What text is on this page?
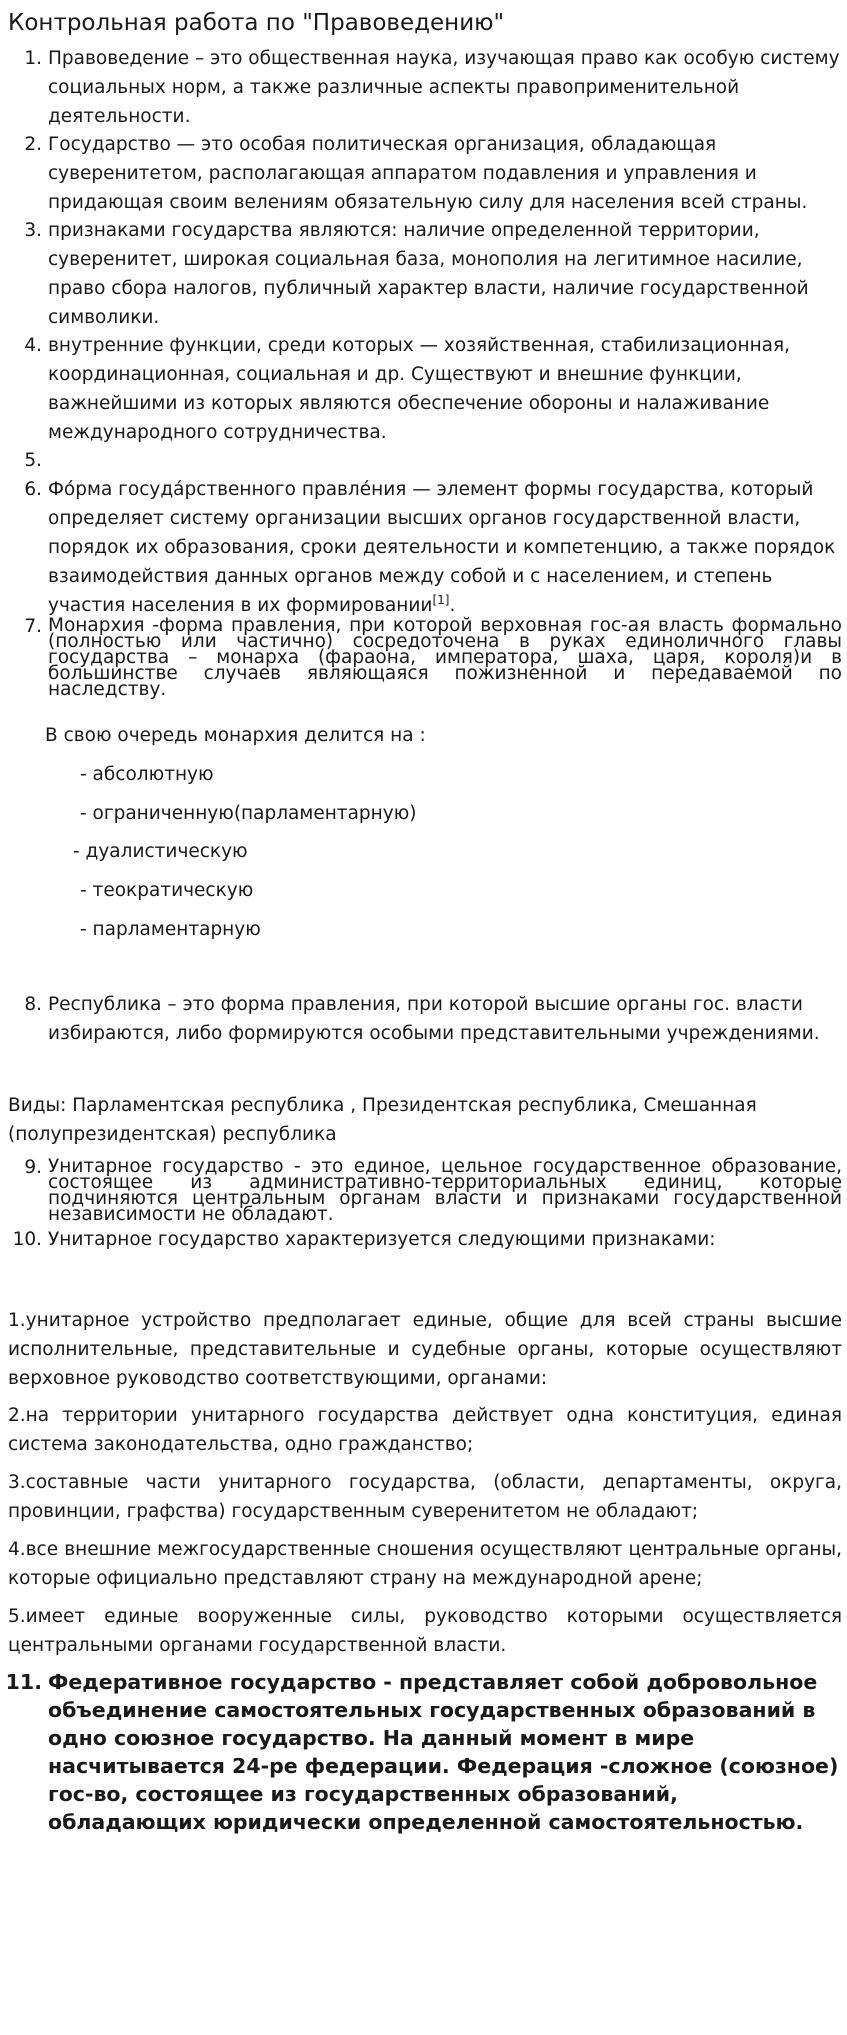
Контрольная работа по "Правоведению"
1. Правоведение – это общественная наука, изучающая право как особую систему социальных норм, а также различные аспекты правоприменительной деятельности.
2. Государство — это особая политическая организация, обладающая суверенитетом, располагающая аппаратом подавления и управления и придающая своим велениям обязательную силу для населения всей страны.
3. признаками государства являются: наличие определенной территории, суверенитет, широкая социальная база, монополия на легитимное насилие, право сбора налогов, публичный характер власти, наличие государственной символики.
4. внутренние функции, среди которых — хозяйственная, стабилизационная, координационная, социальная и др. Существуют и внешние функции, важнейшими из которых являются обеспечение обороны и налаживание международного сотрудничества.
5.
6. Фо́рма госуда́рственного правле́ния — элемент формы государства, который определяет систему организации высших органов государственной власти, порядок их образования, сроки деятельности и компетенцию, а также порядок взаимодействия данных органов между собой и с населением, и степень участия населения в их формировании[1].
7. Монархия -форма правления, при которой верховная гос-ая власть формально (полностью или частично) сосредоточена в руках единоличного главы государства – монарха (фараона, императора, шаха, царя, короля)и в большинстве случаев являющаяся пожизненной и передаваемой по наследству.
В свою очередь монархия делится на :
- абсолютную
- ограниченную(парламентарную)
- дуалистическую
- теократическую
- парламентарную
8. Республика – это форма правления, при которой высшие органы гос. власти избираются, либо формируются особыми представительными учреждениями.

Виды: Парламентская республика , Президентская республика, Смешанная (полупрезидентская) республика

9. Унитарное государство - это единое, цельное государственное образование, состоящее из административно-территориальных единиц, которые подчиняются центральным органам власти и признаками государственной независимости не обладают.
10. Унитарное государство характеризуется следующими признаками:

1.унитарное устройство предполагает единые, общие для всей страны высшие исполнительные, представительные и судебные органы, которые осуществляют верховное руководство соответствующими, органами:

2.на территории унитарного государства действует одна конституция, единая система законодательства, одно гражданство;

3.составные части унитарного государства, (области, департаменты, округа, провинции, графства) государственным суверенитетом не обладают;

4.все внешние межгосударственные сношения осуществляют центральные органы, которые официально представляют страну на международной арене;

5.имеет единые вооруженные силы, руководство которыми осуществляется центральными органами государственной власти.

11. Федеративное государство - представляет собой добровольное объединение самостоятельных государственных образований в одно союзное государство. На данный момент в мире насчитывается 24-ре федерации. Федерация -сложное (союзное) гос-во, состоящее из государственных образований, обладающих юридически определенной самостоятельностью.
